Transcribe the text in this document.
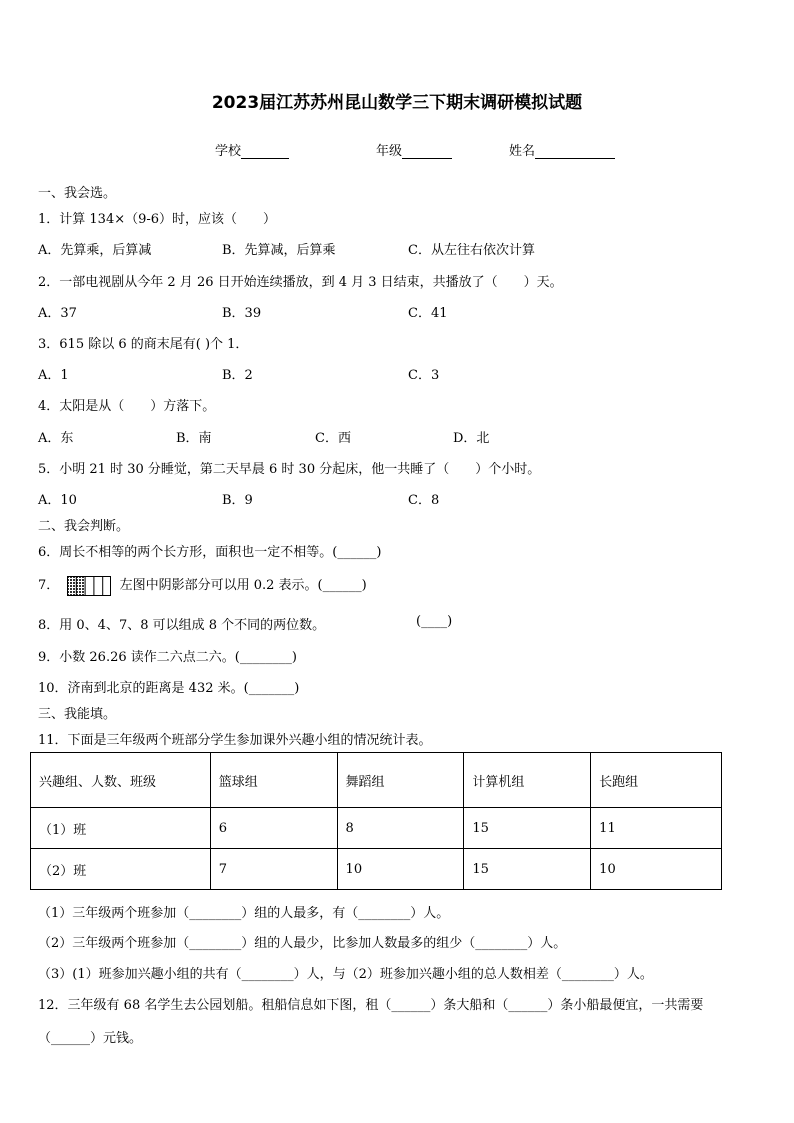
2023届江苏苏州昆山数学三下期末调研模拟试题
学校	年级	姓名
一、我会选。
1．计算 134×（9-6）时，应该（　　）
A．先算乘，后算减	B．先算减，后算乘	C．从左往右依次计算
2．一部电视剧从今年 2 月 26 日开始连续播放，到 4 月 3 日结束，共播放了（　　）天。
A．37	B．39	C．41
3．615 除以 6 的商末尾有( )个 1．
A．1	B．2	C．3
4．太阳是从（　　）方落下。
A．东	B．南	C．西	D．北
5．小明 21 时 30 分睡觉，第二天早晨 6 时 30 分起床，他一共睡了（　　）个小时。
A．10	B．9	C．8
二、我会判断。
6．周长不相等的两个长方形，面积也一定不相等。(______)
7．	左图中阴影部分可以用 0.2 表示。(______)
8．用 0、4、7、8 可以组成 8 个不同的两位数。	(____)
9．小数 26.26 读作二六点二六。(________)
10．济南到北京的距离是 432 米。(_______)
三、我能填。
11．下面是三年级两个班部分学生参加课外兴趣小组的情况统计表。
兴趣组、人数、班级	篮球组	舞蹈组	计算机组	长跑组
（1）班	6	8	15	11
（2）班	7	10	15	10
（1）三年级两个班参加（________）组的人最多，有（________）人。
（2）三年级两个班参加（________）组的人最少，比参加人数最多的组少（________）人。
（3）(1）班参加兴趣小组的共有（________）人，与（2）班参加兴趣小组的总人数相差（________）人。
12．三年级有 68 名学生去公园划船。租船信息如下图，租（______）条大船和（______）条小船最便宜，一共需要
（______）元钱。
